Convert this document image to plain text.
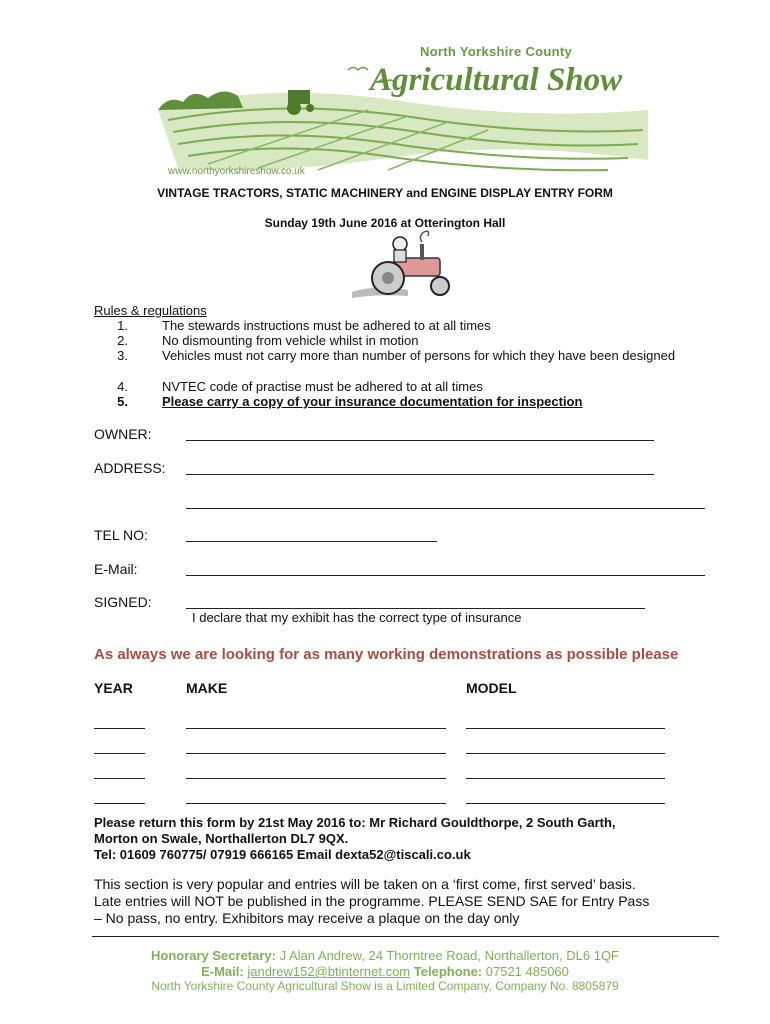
North Yorkshire County
Agricultural Show
www.northyorkshireshow.co.uk
VINTAGE TRACTORS, STATIC MACHINERY and ENGINE DISPLAY ENTRY FORM
Sunday 19th June 2016 at Otterington Hall
Rules & regulations
1.	The stewards instructions must be adhered to at all times
2.	No dismounting from vehicle whilst in motion
3.	Vehicles must not carry more than number of persons for which they have been designed
4.	NVTEC code of practise must be adhered to at all times
5.	Please carry a copy of your insurance documentation for inspection
OWNER:
ADDRESS:
TEL NO:
E-Mail:
SIGNED:
I declare that my exhibit has the correct type of insurance
As always we are looking for as many working demonstrations as possible please
YEAR	MAKE	MODEL
Please return this form by 21st May 2016 to: Mr Richard Gouldthorpe, 2 South Garth,
Morton on Swale, Northallerton DL7 9QX.
Tel: 01609 760775/ 07919 666165 Email dexta52@tiscali.co.uk
This section is very popular and entries will be taken on a ‘first come, first served’ basis.
Late entries will NOT be published in the programme. PLEASE SEND SAE for Entry Pass
– No pass, no entry. Exhibitors may receive a plaque on the day only
Honorary Secretary: J Alan Andrew, 24 Thorntree Road, Northallerton, DL6 1QF
E-Mail: jandrew152@btinternet.com Telephone: 07521 485060
North Yorkshire County Agricultural Show is a Limited Company, Company No. 8805879
